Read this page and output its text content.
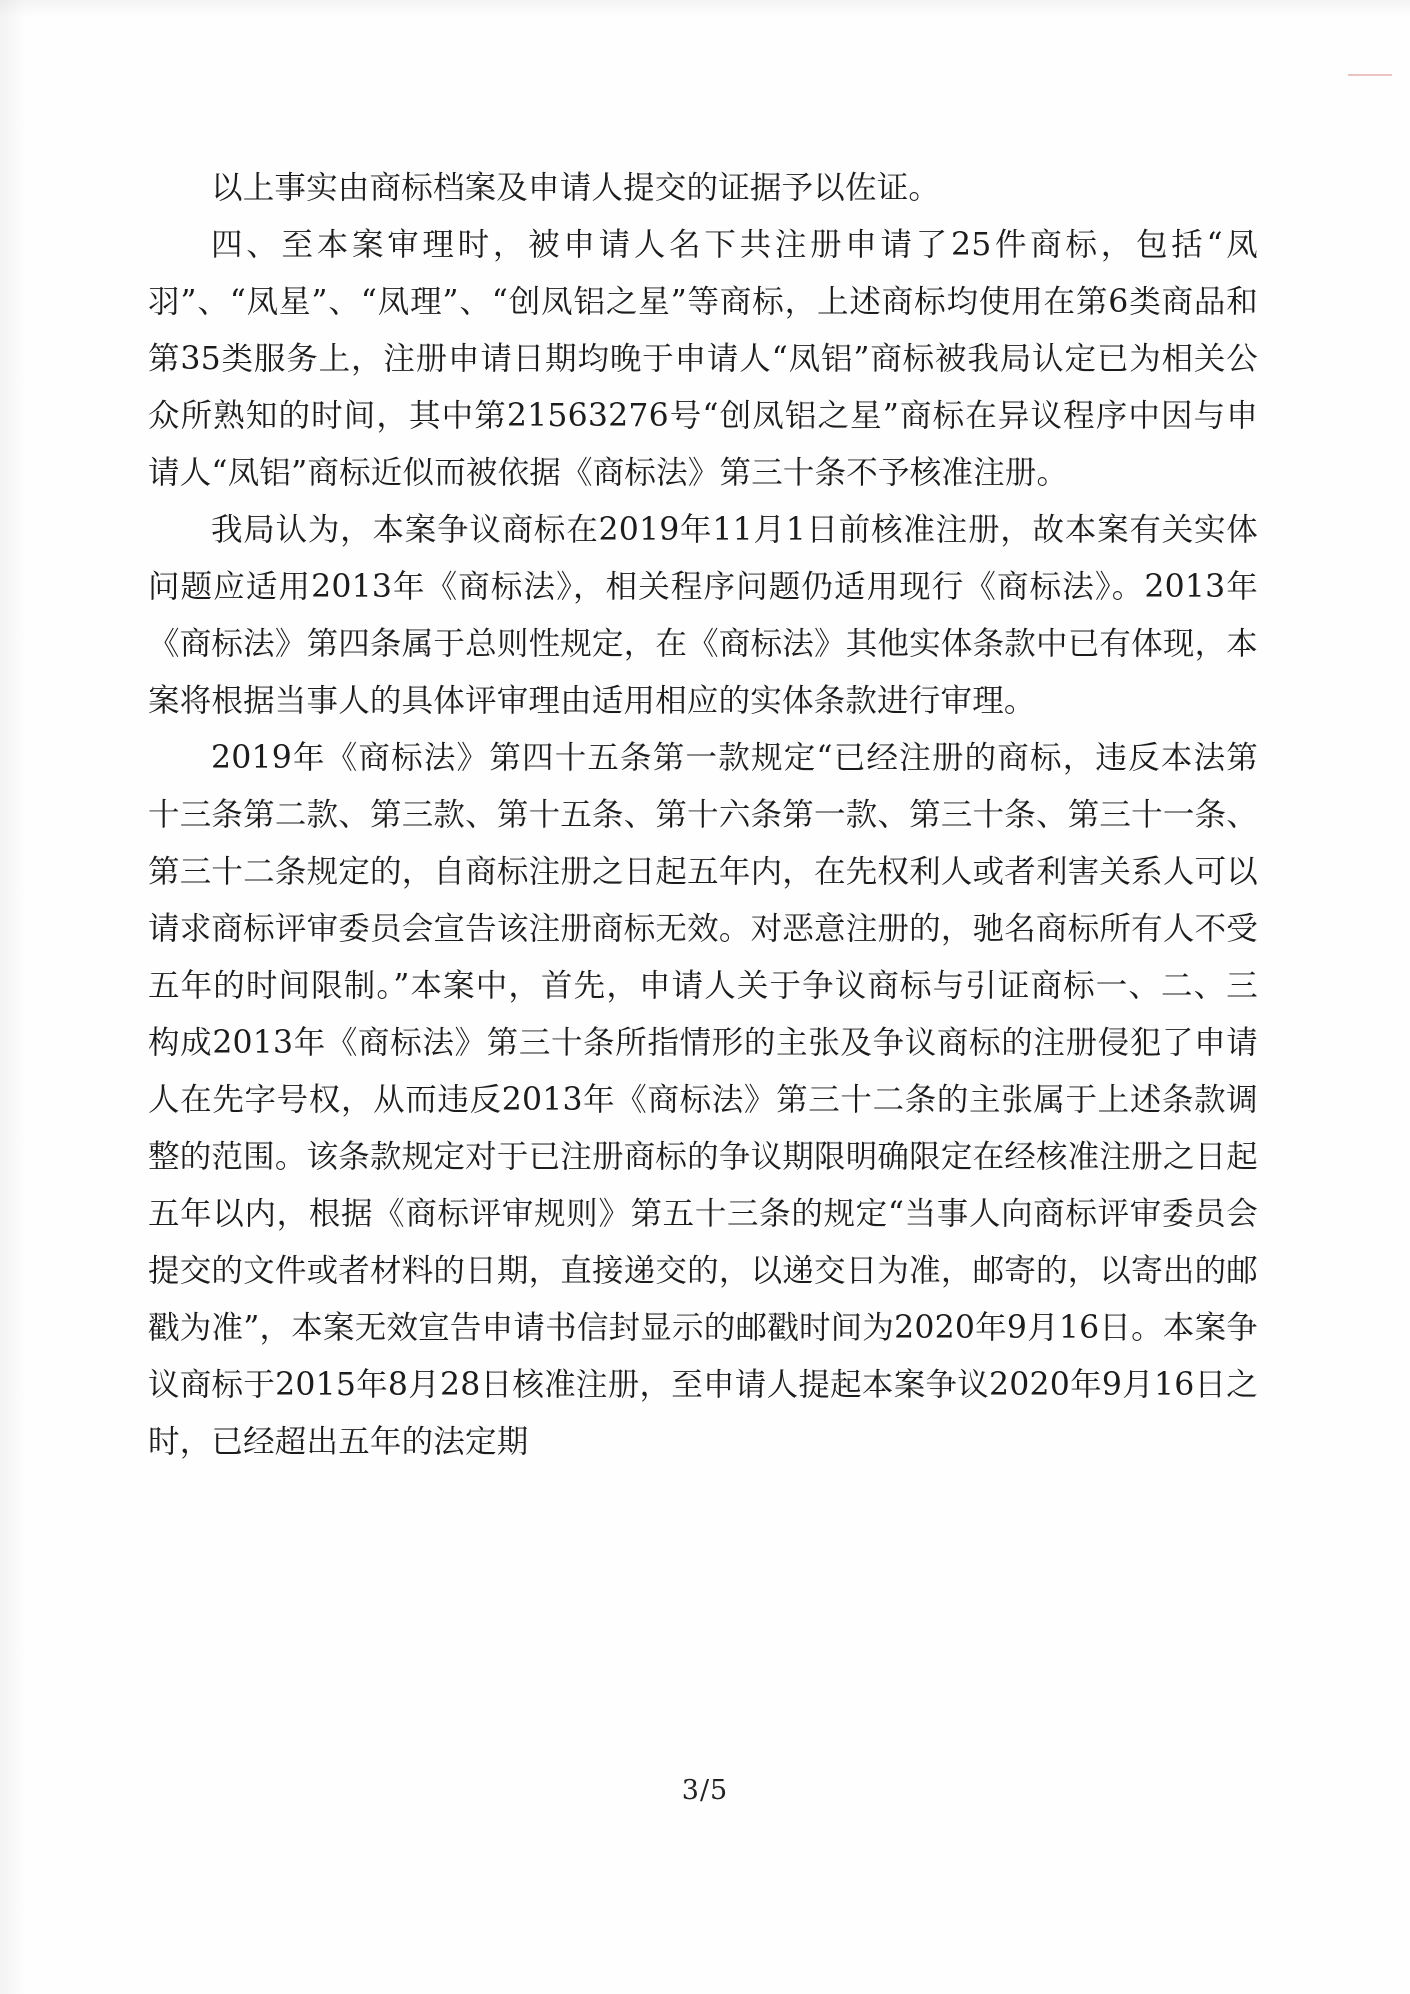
以上事实由商标档案及申请人提交的证据予以佐证。

四、至本案审理时，被申请人名下共注册申请了25件商标，包括“凤羽”、“凤星”、“凤理”、“创凤铝之星”等商标，上述商标均使用在第6类商品和第35类服务上，注册申请日期均晚于申请人“凤铝”商标被我局认定已为相关公众所熟知的时间，其中第21563276号“创凤铝之星”商标在异议程序中因与申请人“凤铝”商标近似而被依据《商标法》第三十条不予核准注册。

我局认为，本案争议商标在2019年11月1日前核准注册，故本案有关实体问题应适用2013年《商标法》，相关程序问题仍适用现行《商标法》。2013年《商标法》第四条属于总则性规定，在《商标法》其他实体条款中已有体现，本案将根据当事人的具体评审理由适用相应的实体条款进行审理。

2019年《商标法》第四十五条第一款规定“已经注册的商标，违反本法第十三条第二款、第三款、第十五条、第十六条第一款、第三十条、第三十一条、第三十二条规定的，自商标注册之日起五年内，在先权利人或者利害关系人可以请求商标评审委员会宣告该注册商标无效。对恶意注册的，驰名商标所有人不受五年的时间限制。”本案中，首先，申请人关于争议商标与引证商标一、二、三构成2013年《商标法》第三十条所指情形的主张及争议商标的注册侵犯了申请人在先字号权，从而违反2013年《商标法》第三十二条的主张属于上述条款调整的范围。该条款规定对于已注册商标的争议期限明确限定在经核准注册之日起五年以内，根据《商标评审规则》第五十三条的规定“当事人向商标评审委员会提交的文件或者材料的日期，直接递交的，以递交日为准，邮寄的，以寄出的邮戳为准”，本案无效宣告申请书信封显示的邮戳时间为2020年9月16日。本案争议商标于2015年8月28日核准注册，至申请人提起本案争议2020年9月16日之时，已经超出五年的法定期

3/5
